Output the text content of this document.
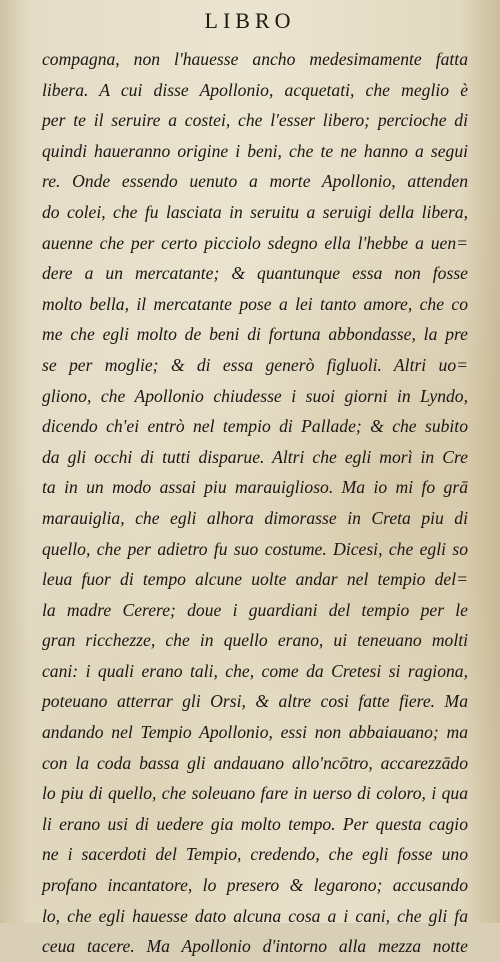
LIBRO
compagna, non l'hauesse ancho medesimamente fatta
libera. A cui disse Apollonio, acquetati, che meglio è
per te il seruire a costei, che l'esser libero; percioche di
quindi haueranno origine i beni, che te ne hanno a segui
re. Onde essendo uenuto a morte Apollonio, attenden
do colei, che fu lasciata in seruitu a seruigi della libera,
auenne che per certo picciolo sdegno ella l'hebbe a uen=
dere a un mercatante; & quantunque essa non fosse
molto bella, il mercatante pose a lei tanto amore, che co
me che egli molto de beni di fortuna abbondasse, la pre
se per moglie; & di essa generò figluoli. Altri uo=
gliono, che Apollonio chiudesse i suoi giorni in Lyndo,
dicendo ch'ei entrò nel tempio di Pallade; & che subito
da gli occhi di tutti disparue. Altri che egli morì in Cre
ta in un modo assai piu marauiglioso. Ma io mi fo grā
marauiglia, che egli alhora dimorasse in Creta piu di
quello, che per adietro fu suo costume. Dicesi, che egli so
leua fuor di tempo alcune uolte andar nel tempio del=
la madre Cerere; doue i guardiani del tempio per le
gran ricchezze, che in quello erano, ui teneuano molti
cani: i quali erano tali, che, come da Cretesi si ragiona,
poteuano atterrar gli Orsi, & altre cosi fatte fiere. Ma
andando nel Tempio Apollonio, essi non abbaiauano; ma
con la coda bassa gli andauano allo'ncōtro, accarezzādo
lo piu di quello, che soleuano fare in uerso di coloro, i qua
li erano usi di uedere gia molto tempo. Per questa cagio
ne i sacerdoti del Tempio, credendo, che egli fosse uno
profano incantatore, lo presero & legarono; accusando
lo, che egli hauesse dato alcuna cosa a i cani, che gli fa
ceua tacere. Ma Apollonio d'intorno alla mezza notte
